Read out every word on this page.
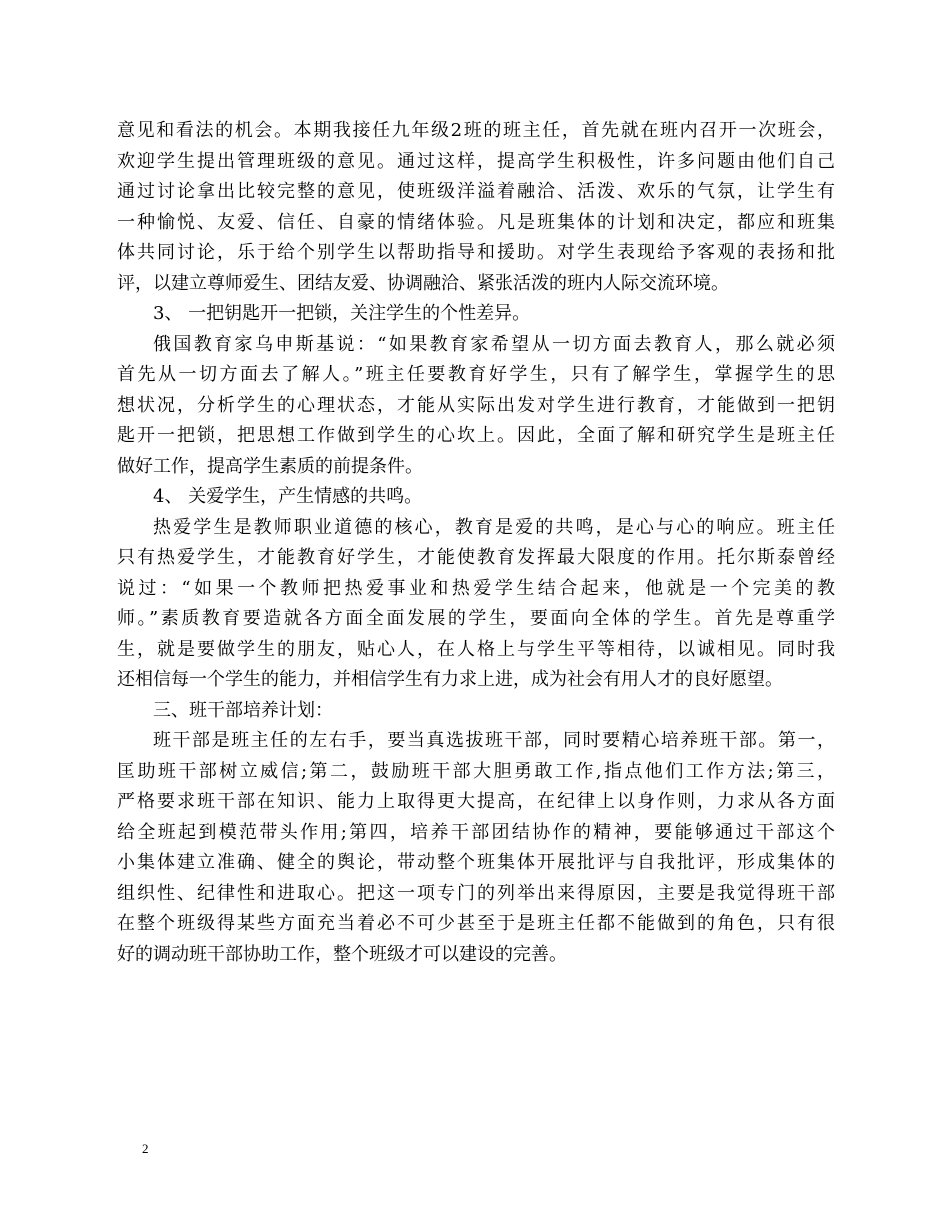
意见和看法的机会。本期我接任九年级2班的班主任，首先就在班内召开一次班会，
欢迎学生提出管理班级的意见。通过这样，提高学生积极性，许多问题由他们自己
通过讨论拿出比较完整的意见，使班级洋溢着融洽、活泼、欢乐的气氛，让学生有
一种愉悦、友爱、信任、自豪的情绪体验。凡是班集体的计划和决定，都应和班集
体共同讨论，乐于给个别学生以帮助指导和援助。对学生表现给予客观的表扬和批
评，以建立尊师爱生、团结友爱、协调融洽、紧张活泼的班内人际交流环境。
3、 一把钥匙开一把锁，关注学生的个性差异。
俄国教育家乌申斯基说：“如果教育家希望从一切方面去教育人，那么就必须
首先从一切方面去了解人。”班主任要教育好学生，只有了解学生，掌握学生的思
想状况，分析学生的心理状态，才能从实际出发对学生进行教育，才能做到一把钥
匙开一把锁，把思想工作做到学生的心坎上。因此，全面了解和研究学生是班主任
做好工作，提高学生素质的前提条件。
4、 关爱学生，产生情感的共鸣。
热爱学生是教师职业道德的核心，教育是爱的共鸣，是心与心的响应。班主任
只有热爱学生，才能教育好学生，才能使教育发挥最大限度的作用。托尔斯泰曾经
说过：“如果一个教师把热爱事业和热爱学生结合起来，他就是一个完美的教
师。”素质教育要造就各方面全面发展的学生，要面向全体的学生。首先是尊重学
生，就是要做学生的朋友，贴心人，在人格上与学生平等相待，以诚相见。同时我
还相信每一个学生的能力，并相信学生有力求上进，成为社会有用人才的良好愿望。
三、班干部培养计划：
班干部是班主任的左右手，要当真选拔班干部，同时要精心培养班干部。第一，
匡助班干部树立威信;第二，鼓励班干部大胆勇敢工作,指点他们工作方法;第三，
严格要求班干部在知识、能力上取得更大提高，在纪律上以身作则，力求从各方面
给全班起到模范带头作用;第四，培养干部团结协作的精神，要能够通过干部这个
小集体建立准确、健全的舆论，带动整个班集体开展批评与自我批评，形成集体的
组织性、纪律性和进取心。把这一项专门的列举出来得原因，主要是我觉得班干部
在整个班级得某些方面充当着必不可少甚至于是班主任都不能做到的角色，只有很
好的调动班干部协助工作，整个班级才可以建设的完善。
2
